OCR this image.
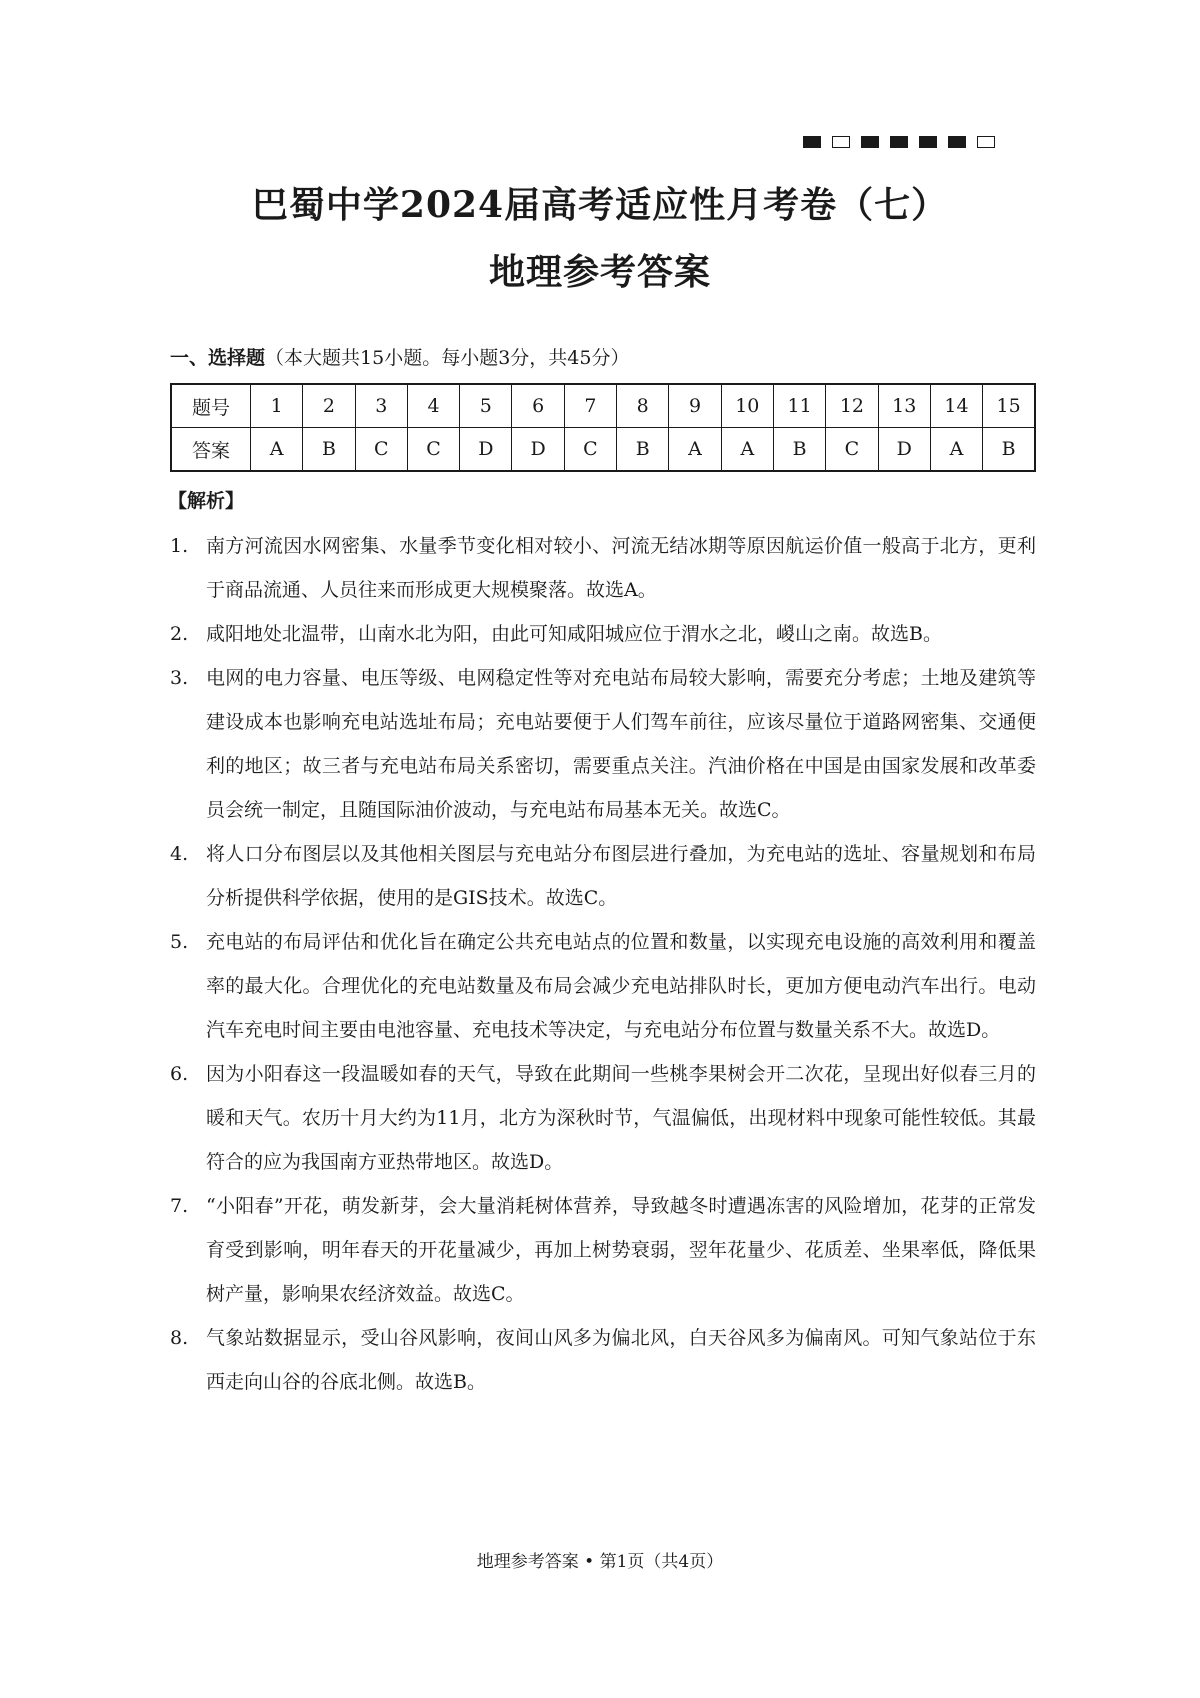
巴蜀中学2024届高考适应性月考卷（七）
地理参考答案

一、选择题（本大题共15小题。每小题3分，共45分）

题号	1	2	3	4	5	6	7	8	9	10	11	12	13	14	15
答案	A	B	C	C	D	D	C	B	A	A	B	C	D	A	B

【解析】

1. 南方河流因水网密集、水量季节变化相对较小、河流无结冰期等原因航运价值一般高于北方，更利于商品流通、人员往来而形成更大规模聚落。故选A。
2. 咸阳地处北温带，山南水北为阳，由此可知咸阳城应位于渭水之北，嵕山之南。故选B。
3. 电网的电力容量、电压等级、电网稳定性等对充电站布局较大影响，需要充分考虑；土地及建筑等建设成本也影响充电站选址布局；充电站要便于人们驾车前往，应该尽量位于道路网密集、交通便利的地区；故三者与充电站布局关系密切，需要重点关注。汽油价格在中国是由国家发展和改革委员会统一制定，且随国际油价波动，与充电站布局基本无关。故选C。
4. 将人口分布图层以及其他相关图层与充电站分布图层进行叠加，为充电站的选址、容量规划和布局分析提供科学依据，使用的是GIS技术。故选C。
5. 充电站的布局评估和优化旨在确定公共充电站点的位置和数量，以实现充电设施的高效利用和覆盖率的最大化。合理优化的充电站数量及布局会减少充电站排队时长，更加方便电动汽车出行。电动汽车充电时间主要由电池容量、充电技术等决定，与充电站分布位置与数量关系不大。故选D。
6. 因为小阳春这一段温暖如春的天气，导致在此期间一些桃李果树会开二次花，呈现出好似春三月的暖和天气。农历十月大约为11月，北方为深秋时节，气温偏低，出现材料中现象可能性较低。其最符合的应为我国南方亚热带地区。故选D。
7. “小阳春”开花，萌发新芽，会大量消耗树体营养，导致越冬时遭遇冻害的风险增加，花芽的正常发育受到影响，明年春天的开花量减少，再加上树势衰弱，翌年花量少、花质差、坐果率低，降低果树产量，影响果农经济效益。故选C。
8. 气象站数据显示，受山谷风影响，夜间山风多为偏北风，白天谷风多为偏南风。可知气象站位于东西走向山谷的谷底北侧。故选B。

地理参考答案 • 第1页（共4页）
